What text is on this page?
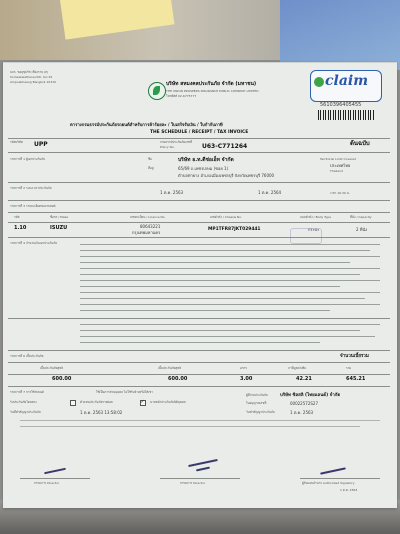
บจก. ชอยุชุมรัช เขียงราย (P)
Somsakwathanai RD. Soi 29
Ampoekheang Bangkok 10310	บริษัท สหมงคลประกันภัย จำกัด (มหาชน)
THE UNION PROSPERS INSURANCE PUBLIC COMPANY LIMITED
โทรศัพท์ 02-6775777
claim
5610396405455
ตารางกรมธรรม์ประกันภัยรถยนต์สำหรับการค้าร้อยละ / ใบเสร็จรับเงิน / ใบกำกับภาษี
THE SCHEDULE / RECEIPT / TAX INVOICE
ต้นฉบับ
รหัสบริษัท UPP	กรมธรรม์ประกันภัยเลขที่
Policy No.	U63-C771264
รายการที่ 1 ผู้เอาประกันภัย	ชื่อ	บริษัท อ.ท.ดีช่อเอ็ท จำกัด
ที่อยู่	65/69 ถ.เพชรเกษม (ซอย 1)
ตำบลท่ายาง อำเภอเมืองเพชรบุรี จังหวัดเพชรบุรี 76000
Territorial Limit Covered
ประเทศไทย
Thailand
รายการที่ 2 ระยะเวลาประกันภัย
1 ต.ค. 2563	1 ต.ค. 2564	เวลา 16.30 น.
รายการที่ 3 รายละเอียดของรถยนต์
รหัส	ชื่อรถ / Make	เลขทะเบียน / Licence No.	เลขตัวถัง / Chassis No.	แบบตัวถัง / Body Type	ที่นั่ง / Capacity
1.10	ISUZU	80643221
กรุงเทพมหานคร
MP1TFR87JKT029441	กระบะ	2 ที่นั่ง
รายการที่ 4 จำนวนเงินเอาประกันภัย
รายการที่ 6 เบี้ยประกันภัย	จำนวนเบี้ยรวม
เบี้ยประกันภัยสุทธิ	เบี้ยประกันภัยสุทธิ	อากร	ภาษีมูลค่าเพิ่ม	รวม
600.00	600.00	3.00	42.21	645.21
รายการที่ 7 การใช้รถยนต์	ใช้เป็นการส่วนบุคคล ไม่ใช้รับจ้างหรือให้เช่า
รับประกันภัยโดยตรง	ตัวแทนประกันภัยรายย่อย
✓	นายหน้าประกันภัยนิติบุคคล
ผู้ที่จ่ายประกันภัย	บริษัท ซิลสลิ (ไทยแลนด์) จำกัด
ใบอนุญาตเลขที่	00022572S27
วันที่ทำสัญญาประกันภัย	1 ต.ค. 2563 13:58:02	วันทำสัญญาประกันภัย	1 ต.ค. 2563
กรรมการ Director	กรรมการ Director	ผู้รับมอบอำนาจ Authorized Signatory
1 ต.ค. 2563
